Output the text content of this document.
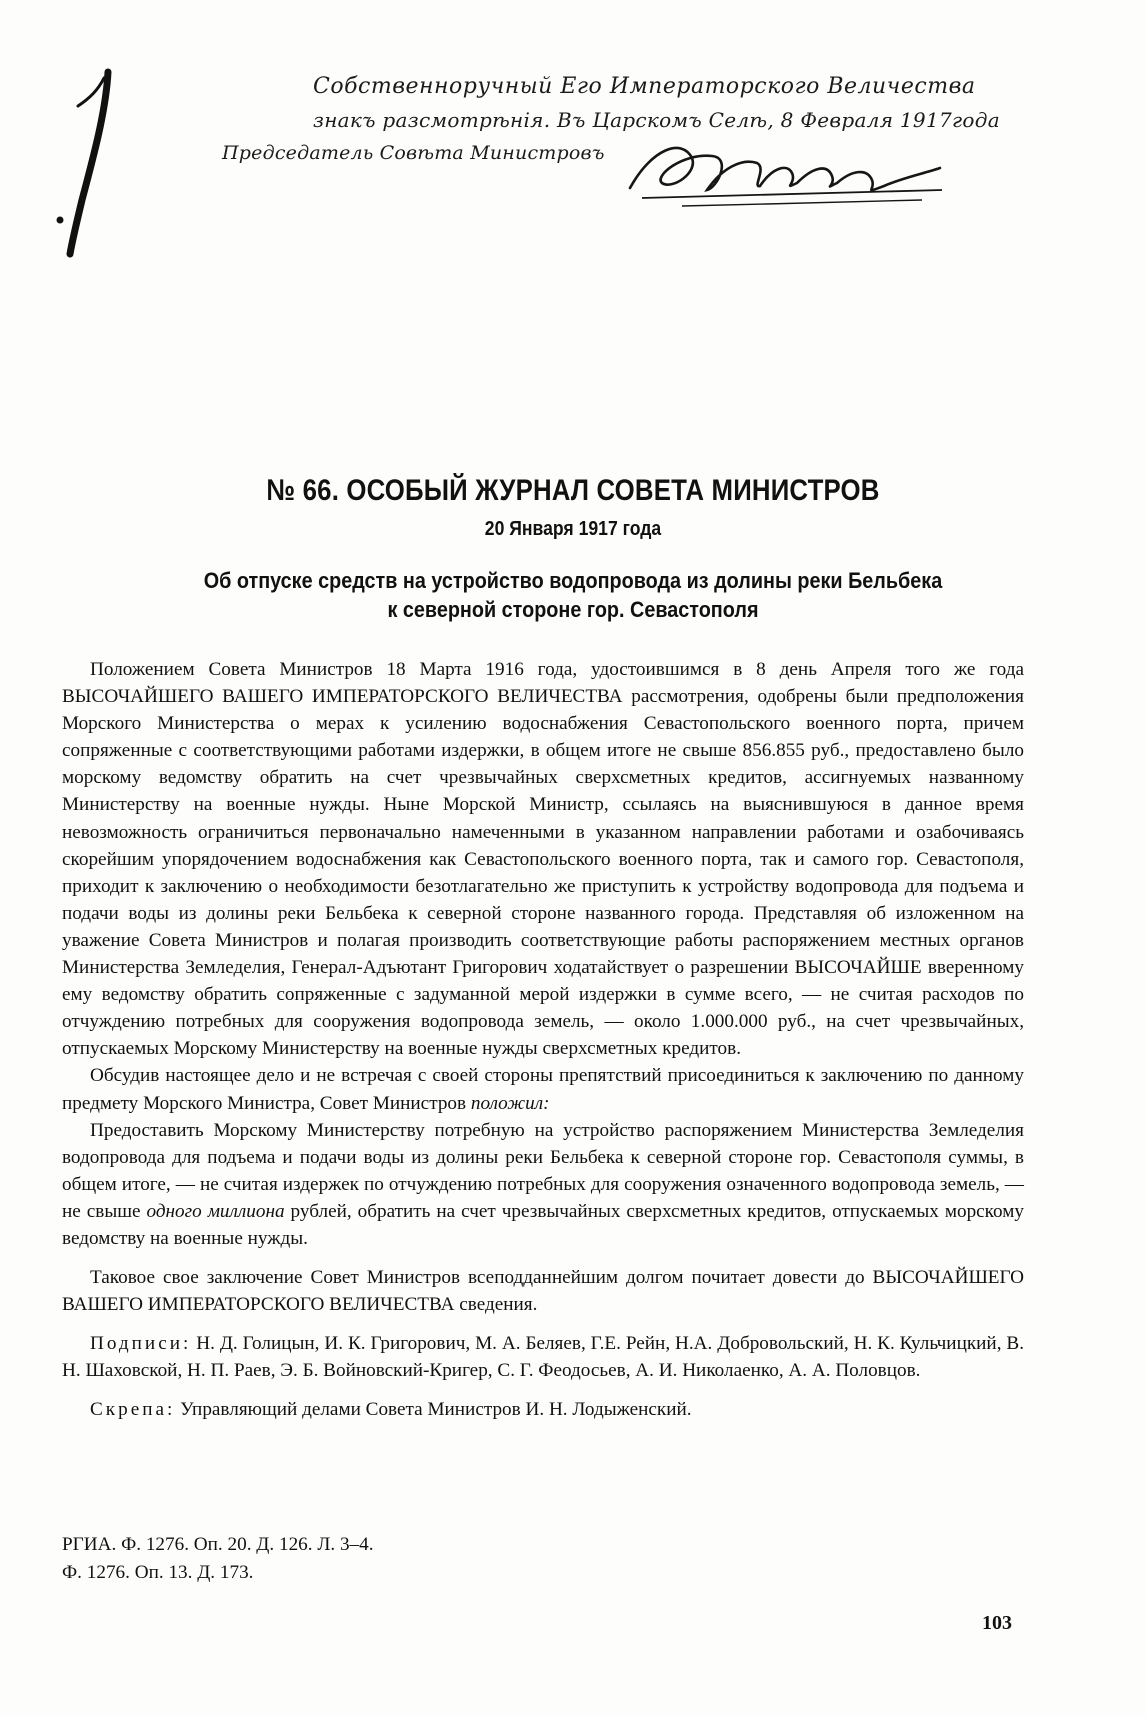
Собственноручный Его Императорского Величества
знакъ разсмотрѣнія. Въ Царскомъ Селѣ, 8 Февраля 1917года
Председатель Совѣта Министровъ
№ 66. ОСОБЫЙ ЖУРНАЛ СОВЕТА МИНИСТРОВ
20 Января 1917 года
Об отпуске средств на устройство водопровода из долины реки Бельбека
к северной стороне гор. Севастополя

Положением Совета Министров 18 Марта 1916 года, удостоившимся в 8 день Апреля того же года ВЫСОЧАЙШЕГО ВАШЕГО ИМПЕРАТОРСКОГО ВЕЛИЧЕСТВА рассмотрения, одобрены были предположения Морского Министерства о мерах к усилению водоснабжения Севастопольского военного порта, причем сопряженные с соответствующими работами издержки, в общем итоге не свыше 856.855 руб., предоставлено было морскому ведомству обратить на счет чрезвычайных сверхсметных кредитов, ассигнуемых названному Министерству на военные нужды. Ныне Морской Министр, ссылаясь на выяснившуюся в данное время невозможность ограничиться первоначально намеченными в указанном направлении работами и озабочиваясь скорейшим упорядочением водоснабжения как Севастопольского военного порта, так и самого гор. Севастополя, приходит к заключению о необходимости безотлагательно же приступить к устройству водопровода для подъема и подачи воды из долины реки Бельбека к северной стороне названного города. Представляя об изложенном на уважение Совета Министров и полагая производить соответствующие работы распоряжением местных органов Министерства Земледелия, Генерал-Адъютант Григорович ходатайствует о разрешении ВЫСОЧАЙШЕ вверенному ему ведомству обратить сопряженные с задуманной мерой издержки в сумме всего, — не считая расходов по отчуждению потребных для сооружения водопровода земель, — около 1.000.000 руб., на счет чрезвычайных, отпускаемых Морскому Министерству на военные нужды сверхсметных кредитов.

Обсудив настоящее дело и не встречая с своей стороны препятствий присоединиться к заключению по данному предмету Морского Министра, Совет Министров положил:

Предоставить Морскому Министерству потребную на устройство распоряжением Министерства Земледелия водопровода для подъема и подачи воды из долины реки Бельбека к северной стороне гор. Севастополя суммы, в общем итоге, — не считая издержек по отчуждению потребных для сооружения означенного водопровода земель, — не свыше одного миллиона рублей, обратить на счет чрезвычайных сверхсметных кредитов, отпускаемых морскому ведомству на военные нужды.

Таковое свое заключение Совет Министров всеподданнейшим долгом почитает довести до ВЫСОЧАЙШЕГО ВАШЕГО ИМПЕРАТОРСКОГО ВЕЛИЧЕСТВА сведения.

Подписи: Н. Д. Голицын, И. К. Григорович, М. А. Беляев, Г.Е. Рейн, Н.А. Добровольский, Н. К. Кульчицкий, В. Н. Шаховской, Н. П. Раев, Э. Б. Войновский-Кригер, С. Г. Феодосьев, А. И. Николаенко, А. А. Половцов.

Скрепа: Управляющий делами Совета Министров И. Н. Лодыженский.

РГИА. Ф. 1276. Оп. 20. Д. 126. Л. 3–4.
Ф. 1276. Оп. 13. Д. 173.
103
